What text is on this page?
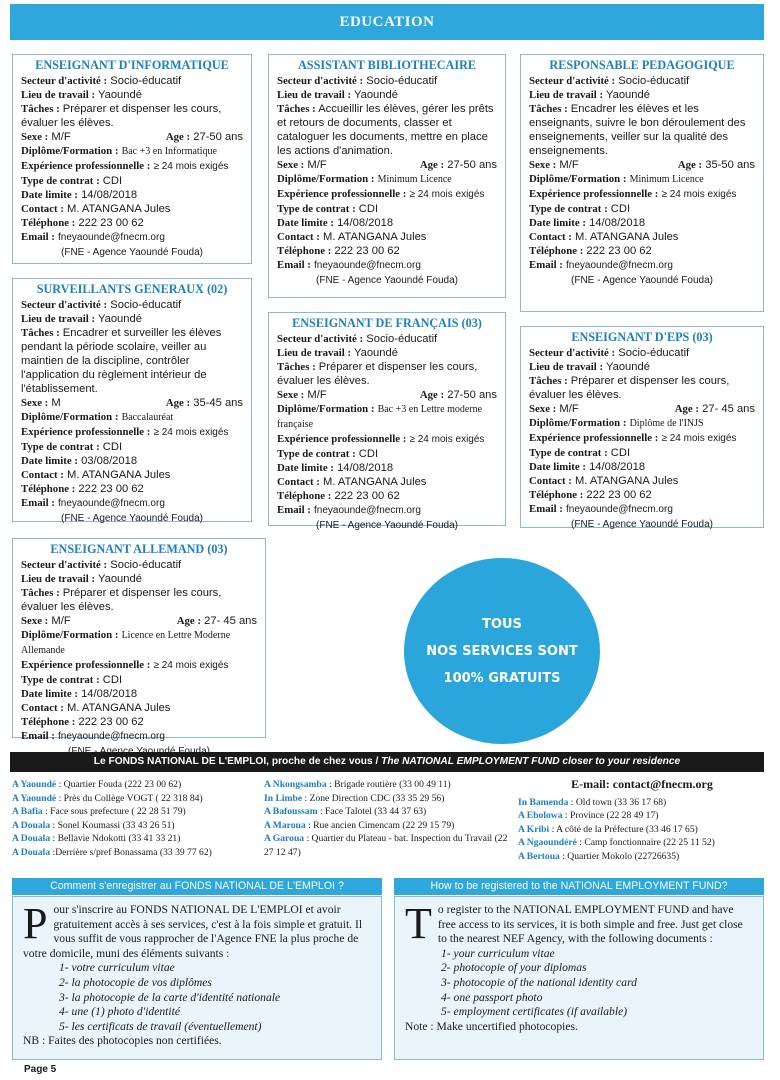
EDUCATION
ENSEIGNANT D'INFORMATIQUE
Secteur d'activité : Socio-éducatif
Lieu de travail : Yaoundé
Tâches : Préparer et dispenser les cours, évaluer les élèves.
Sexe : M/F	Age : 27-50 ans
Diplôme/Formation : Bac +3 en Informatique
Expérience professionnelle : ≥ 24 mois exigés
Type de contrat : CDI
Date limite : 14/08/2018
Contact : M. ATANGANA Jules
Téléphone : 222 23 00 62
Email : fneyaounde@fnecm.org
(FNE - Agence Yaoundé Fouda)
SURVEILLANTS GENERAUX (02)
Secteur d'activité : Socio-éducatif
Lieu de travail : Yaoundé
Tâches : Encadrer et surveiller les élèves pendant la période scolaire, veiller au maintien de la discipline, contrôler l'application du règlement intérieur de l'établissement.
Sexe : M	Age : 35-45 ans
Diplôme/Formation : Baccalauréat
Expérience professionnelle : ≥ 24 mois exigés
Type de contrat : CDI
Date limite : 03/08/2018
Contact : M. ATANGANA Jules
Téléphone : 222 23 00 62
Email : fneyaounde@fnecm.org
(FNE - Agence Yaoundé Fouda)
ENSEIGNANT ALLEMAND (03)
Secteur d'activité : Socio-éducatif
Lieu de travail : Yaoundé
Tâches : Préparer et dispenser les cours, évaluer les élèves.
Sexe : M/F	Age : 27- 45 ans
Diplôme/Formation : Licence en Lettre Moderne Allemande
Expérience professionnelle : ≥ 24 mois exigés
Type de contrat : CDI
Date limite : 14/08/2018
Contact : M. ATANGANA Jules
Téléphone : 222 23 00 62
Email : fneyaounde@fnecm.org
ASSISTANT BIBLIOTHECAIRE
Secteur d'activité : Socio-éducatif
Lieu de travail : Yaoundé
Tâches : Accueillir les élèves, gérer les prêts et retours de documents, classer et cataloguer les documents, mettre en place les actions d'animation.
Sexe : M/F	Age : 27-50 ans
Diplôme/Formation : Minimum Licence
Expérience professionnelle : ≥ 24 mois exigés
Type de contrat : CDI
Date limite : 14/08/2018
Contact : M. ATANGANA Jules
Téléphone : 222 23 00 62
Email : fneyaounde@fnecm.org
(FNE - Agence Yaoundé Fouda)
ENSEIGNANT DE FRANÇAIS (03)
Secteur d'activité : Socio-éducatif
Lieu de travail : Yaoundé
Tâches : Préparer et dispenser les cours, évaluer les élèves.
Sexe : M/F	Age : 27-50 ans
Diplôme/Formation : Bac +3 en Lettre moderne française
Expérience professionnelle : ≥ 24 mois exigés
Type de contrat : CDI
Date limite : 14/08/2018
Contact : M. ATANGANA Jules
Téléphone : 222 23 00 62
Email : fneyaounde@fnecm.org
(FNE - Agence Yaoundé Fouda)
RESPONSABLE PEDAGOGIQUE
Secteur d'activité : Socio-éducatif
Lieu de travail : Yaoundé
Tâches : Encadrer les élèves et les enseignants, suivre le bon déroulement des enseignements, veiller sur la qualité des enseignements.
Sexe : M/F	Age : 35-50 ans
Diplôme/Formation : Minimum Licence
Expérience professionnelle : ≥ 24 mois exigés
Type de contrat : CDI
Date limite : 14/08/2018
Contact : M. ATANGANA Jules
Téléphone : 222 23 00 62
Email : fneyaounde@fnecm.org
(FNE - Agence Yaoundé Fouda)
ENSEIGNANT D'EPS (03)
Secteur d'activité : Socio-éducatif
Lieu de travail : Yaoundé
Tâches : Préparer et dispenser les cours, évaluer les élèves.
Sexe : M/F	Age : 27- 45 ans
Diplôme/Formation : Diplôme de l'INJS
Expérience professionnelle : ≥ 24 mois exigés
Type de contrat : CDI
Date limite : 14/08/2018
Contact : M. ATANGANA Jules
Téléphone : 222 23 00 62
Email : fneyaounde@fnecm.org
(FNE - Agence Yaoundé Fouda)
TOUS
NOS SERVICES SONT
100% GRATUITS
Le FONDS NATIONAL DE L'EMPLOI, proche de chez vous / The NATIONAL EMPLOYMENT FUND closer to your residence
A Yaoundé : Quartier Fouda (222 23 00 62)
A Yaoundé : Près du Collège VOGT ( 22 318 84)
A Bafia : Face sous prefecture ( 22 28 51 79)
A Douala : Sonel Koumassi (33 43 26 51)
A Douala : Bellavie Ndokotti (33 41 33 21)
A Douala :Derrière s/pref Bonassama (33 39 77 62)
A Nkongsamba : Brigade routière (33 00 49 11)
In Limbe : Zone Direction CDC (33 35 29 56)
A Bafoussam : Face Talotel (33 44 37 63)
A Maroua : Rue ancien Cimencam (22 29 15 79)
A Garoua : Quartier du Plateau - bat. Inspection du Travail (22 27 12 47)
E-mail: contact@fnecm.org
In Bamenda : Old town (33 36 17 68)
A Ebolowa : Province (22 28 49 17)
A Kribi : A côté de la Préfecture (33 46 17 65)
A Ngaoundéré : Camp fonctionnaire (22 25 11 52)
A Bertoua : Quartier Mokolo (22726635)
Comment s'enregistrer au FONDS NATIONAL DE L'EMPLOI ?
P our s'inscrire au FONDS NATIONAL DE L'EMPLOI et avoir gratuitement accès à ses services, c'est à la fois simple et gratuit. Il vous suffit de vous rapprocher de l'Agence FNE la plus proche de votre domicile, muni des éléments suivants :
1- votre curriculum vitae
2- la photocopie de vos diplômes
3- la photocopie de la carte d'identité nationale
4- une (1) photo d'identité
5- les certificats de travail (éventuellement)
NB : Faites des photocopies non certifiées.
How to be registered to the NATIONAL EMPLOYMENT FUND?
T o register to the NATIONAL EMPLOYMENT FUND and have free access to its services, it is both simple and free. Just get close to the nearest NEF Agency, with the following documents :
1- your curriculum vitae
2- photocopie of your diplomas
3- photocopie of the national identity card
4- one passport photo
5- employment certificates (if available)
Note : Make uncertified photocopies.
Page 5
